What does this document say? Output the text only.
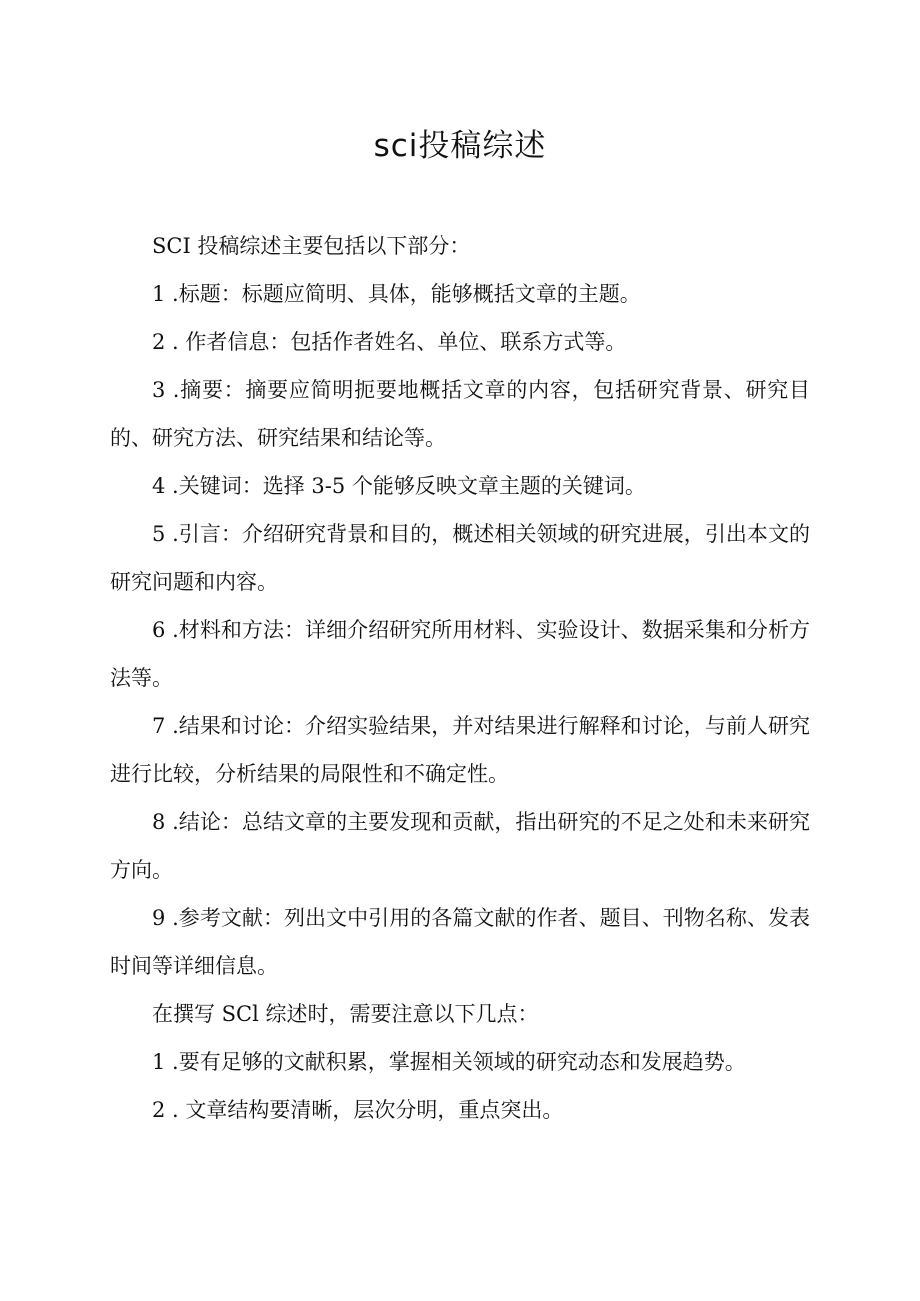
sci投稿综述

SCI 投稿综述主要包括以下部分：

1 .标题：标题应简明、具体，能够概括文章的主题。

2 . 作者信息：包括作者姓名、单位、联系方式等。

3 .摘要：摘要应简明扼要地概括文章的内容，包括研究背景、研究目的、研究方法、研究结果和结论等。

4 .关键词：选择 3-5 个能够反映文章主题的关键词。

5 .引言：介绍研究背景和目的，概述相关领域的研究进展，引出本文的研究问题和内容。

6 .材料和方法：详细介绍研究所用材料、实验设计、数据采集和分析方法等。

7 .结果和讨论：介绍实验结果，并对结果进行解释和讨论，与前人研究进行比较，分析结果的局限性和不确定性。

8 .结论：总结文章的主要发现和贡献，指出研究的不足之处和未来研究方向。

9 .参考文献：列出文中引用的各篇文献的作者、题目、刊物名称、发表时间等详细信息。

在撰写 SCl 综述时，需要注意以下几点：

1 .要有足够的文献积累，掌握相关领域的研究动态和发展趋势。

2 . 文章结构要清晰，层次分明，重点突出。
